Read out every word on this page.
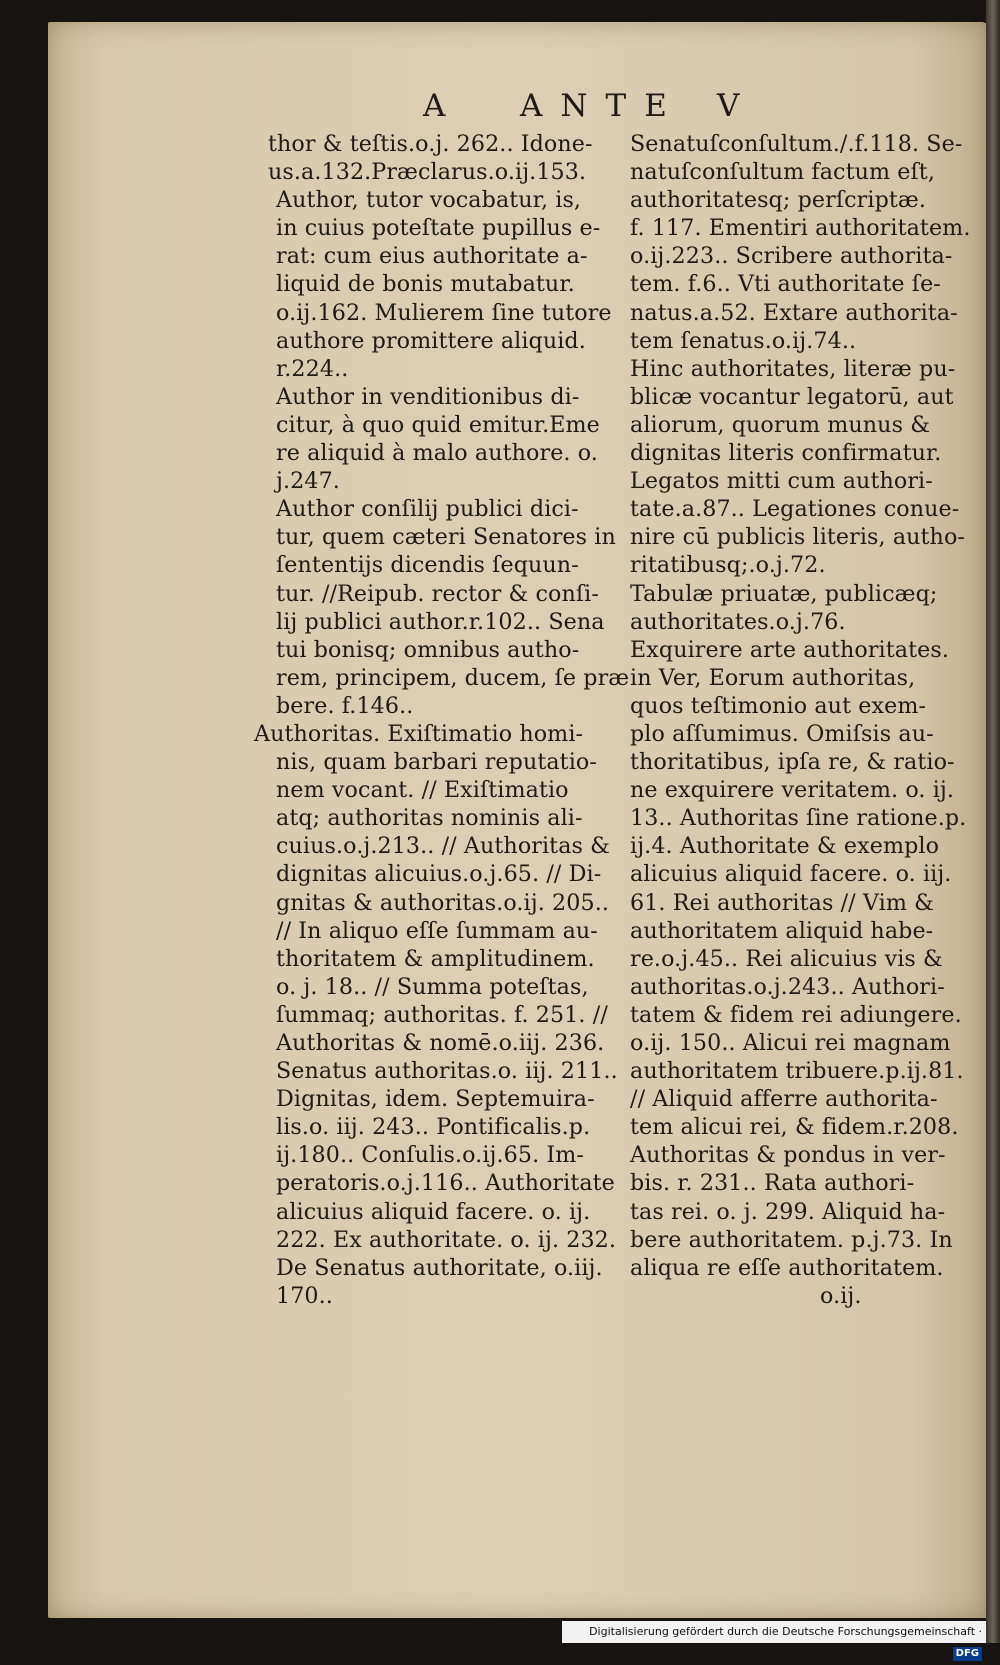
A ANTE V
thor & teſtis.o.j. 262.. Idone-
us.a.132.Præclarus.o.ij.153.
Author, tutor vocabatur, is,
in cuius poteſtate pupillus e-
rat: cum eius authoritate a-
liquid de bonis mutabatur.
o.ij.162. Mulierem ſine tutore
authore promittere aliquid.
r.224..
Author in venditionibus di-
citur, à quo quid emitur.Eme
re aliquid à malo authore. o.
j.247.
Author conſilij publici dici-
tur, quem cæteri Senatores in
ſententijs dicendis ſequun-
tur. //Reipub. rector & conſi-
lij publici author.r.102.. Sena
tui bonisq; omnibus autho-
rem, principem, ducem, ſe præ
bere. f.146..
Authoritas. Exiſtimatio homi-
nis, quam barbari reputatio-
nem vocant. // Exiſtimatio
atq; authoritas nominis ali-
cuius.o.j.213.. // Authoritas &
dignitas alicuius.o.j.65. // Di-
gnitas & authoritas.o.ij. 205..
// In aliquo eſſe ſummam au-
thoritatem & amplitudinem.
o. j. 18.. // Summa poteſtas,
ſummaq; authoritas. f. 251. //
Authoritas & nomē.o.iij. 236.
Senatus authoritas.o. iij. 211..
Dignitas, idem. Septemuira-
lis.o. iij. 243.. Pontificalis.p.
ij.180.. Conſulis.o.ij.65. Im-
peratoris.o.j.116.. Authoritate
alicuius aliquid facere. o. ij.
222. Ex authoritate. o. ij. 232.
De Senatus authoritate, o.iij.
170..
Senatuſconſultum./.f.118. Se-
natuſconſultum factum eſt,
authoritatesq; perſcriptæ.
f. 117. Ementiri authoritatem.
o.ij.223.. Scribere authorita-
tem. f.6.. Vti authoritate ſe-
natus.a.52. Extare authorita-
tem ſenatus.o.ij.74..
Hinc authoritates, literæ pu-
blicæ vocantur legatorū, aut
aliorum, quorum munus &
dignitas literis confirmatur.
Legatos mitti cum authori-
tate.a.87.. Legationes conue-
nire cū publicis literis, autho-
ritatibusq;.o.j.72.
Tabulæ priuatæ, publicæq;
authoritates.o.j.76.
Exquirere arte authoritates.
in Ver, Eorum authoritas,
quos teſtimonio aut exem-
plo aſſumimus. Omiſsis au-
thoritatibus, ipſa re, & ratio-
ne exquirere veritatem. o. ij.
13.. Authoritas ſine ratione.p.
ij.4. Authoritate & exemplo
alicuius aliquid facere. o. iij.
61. Rei authoritas // Vim &
authoritatem aliquid habe-
re.o.j.45.. Rei alicuius vis &
authoritas.o.j.243.. Authori-
tatem & fidem rei adiungere.
o.ij. 150.. Alicui rei magnam
authoritatem tribuere.p.ij.81.
// Aliquid afferre authorita-
tem alicui rei, & fidem.r.208.
Authoritas & pondus in ver-
bis. r. 231.. Rata authori-
tas rei. o. j. 299. Aliquid ha-
bere authoritatem. p.j.73. In
aliqua re eſſe authoritatem.
o.ij.
Digitalisierung gefördert durch die Deutsche Forschungsgemeinschaft · DFG
